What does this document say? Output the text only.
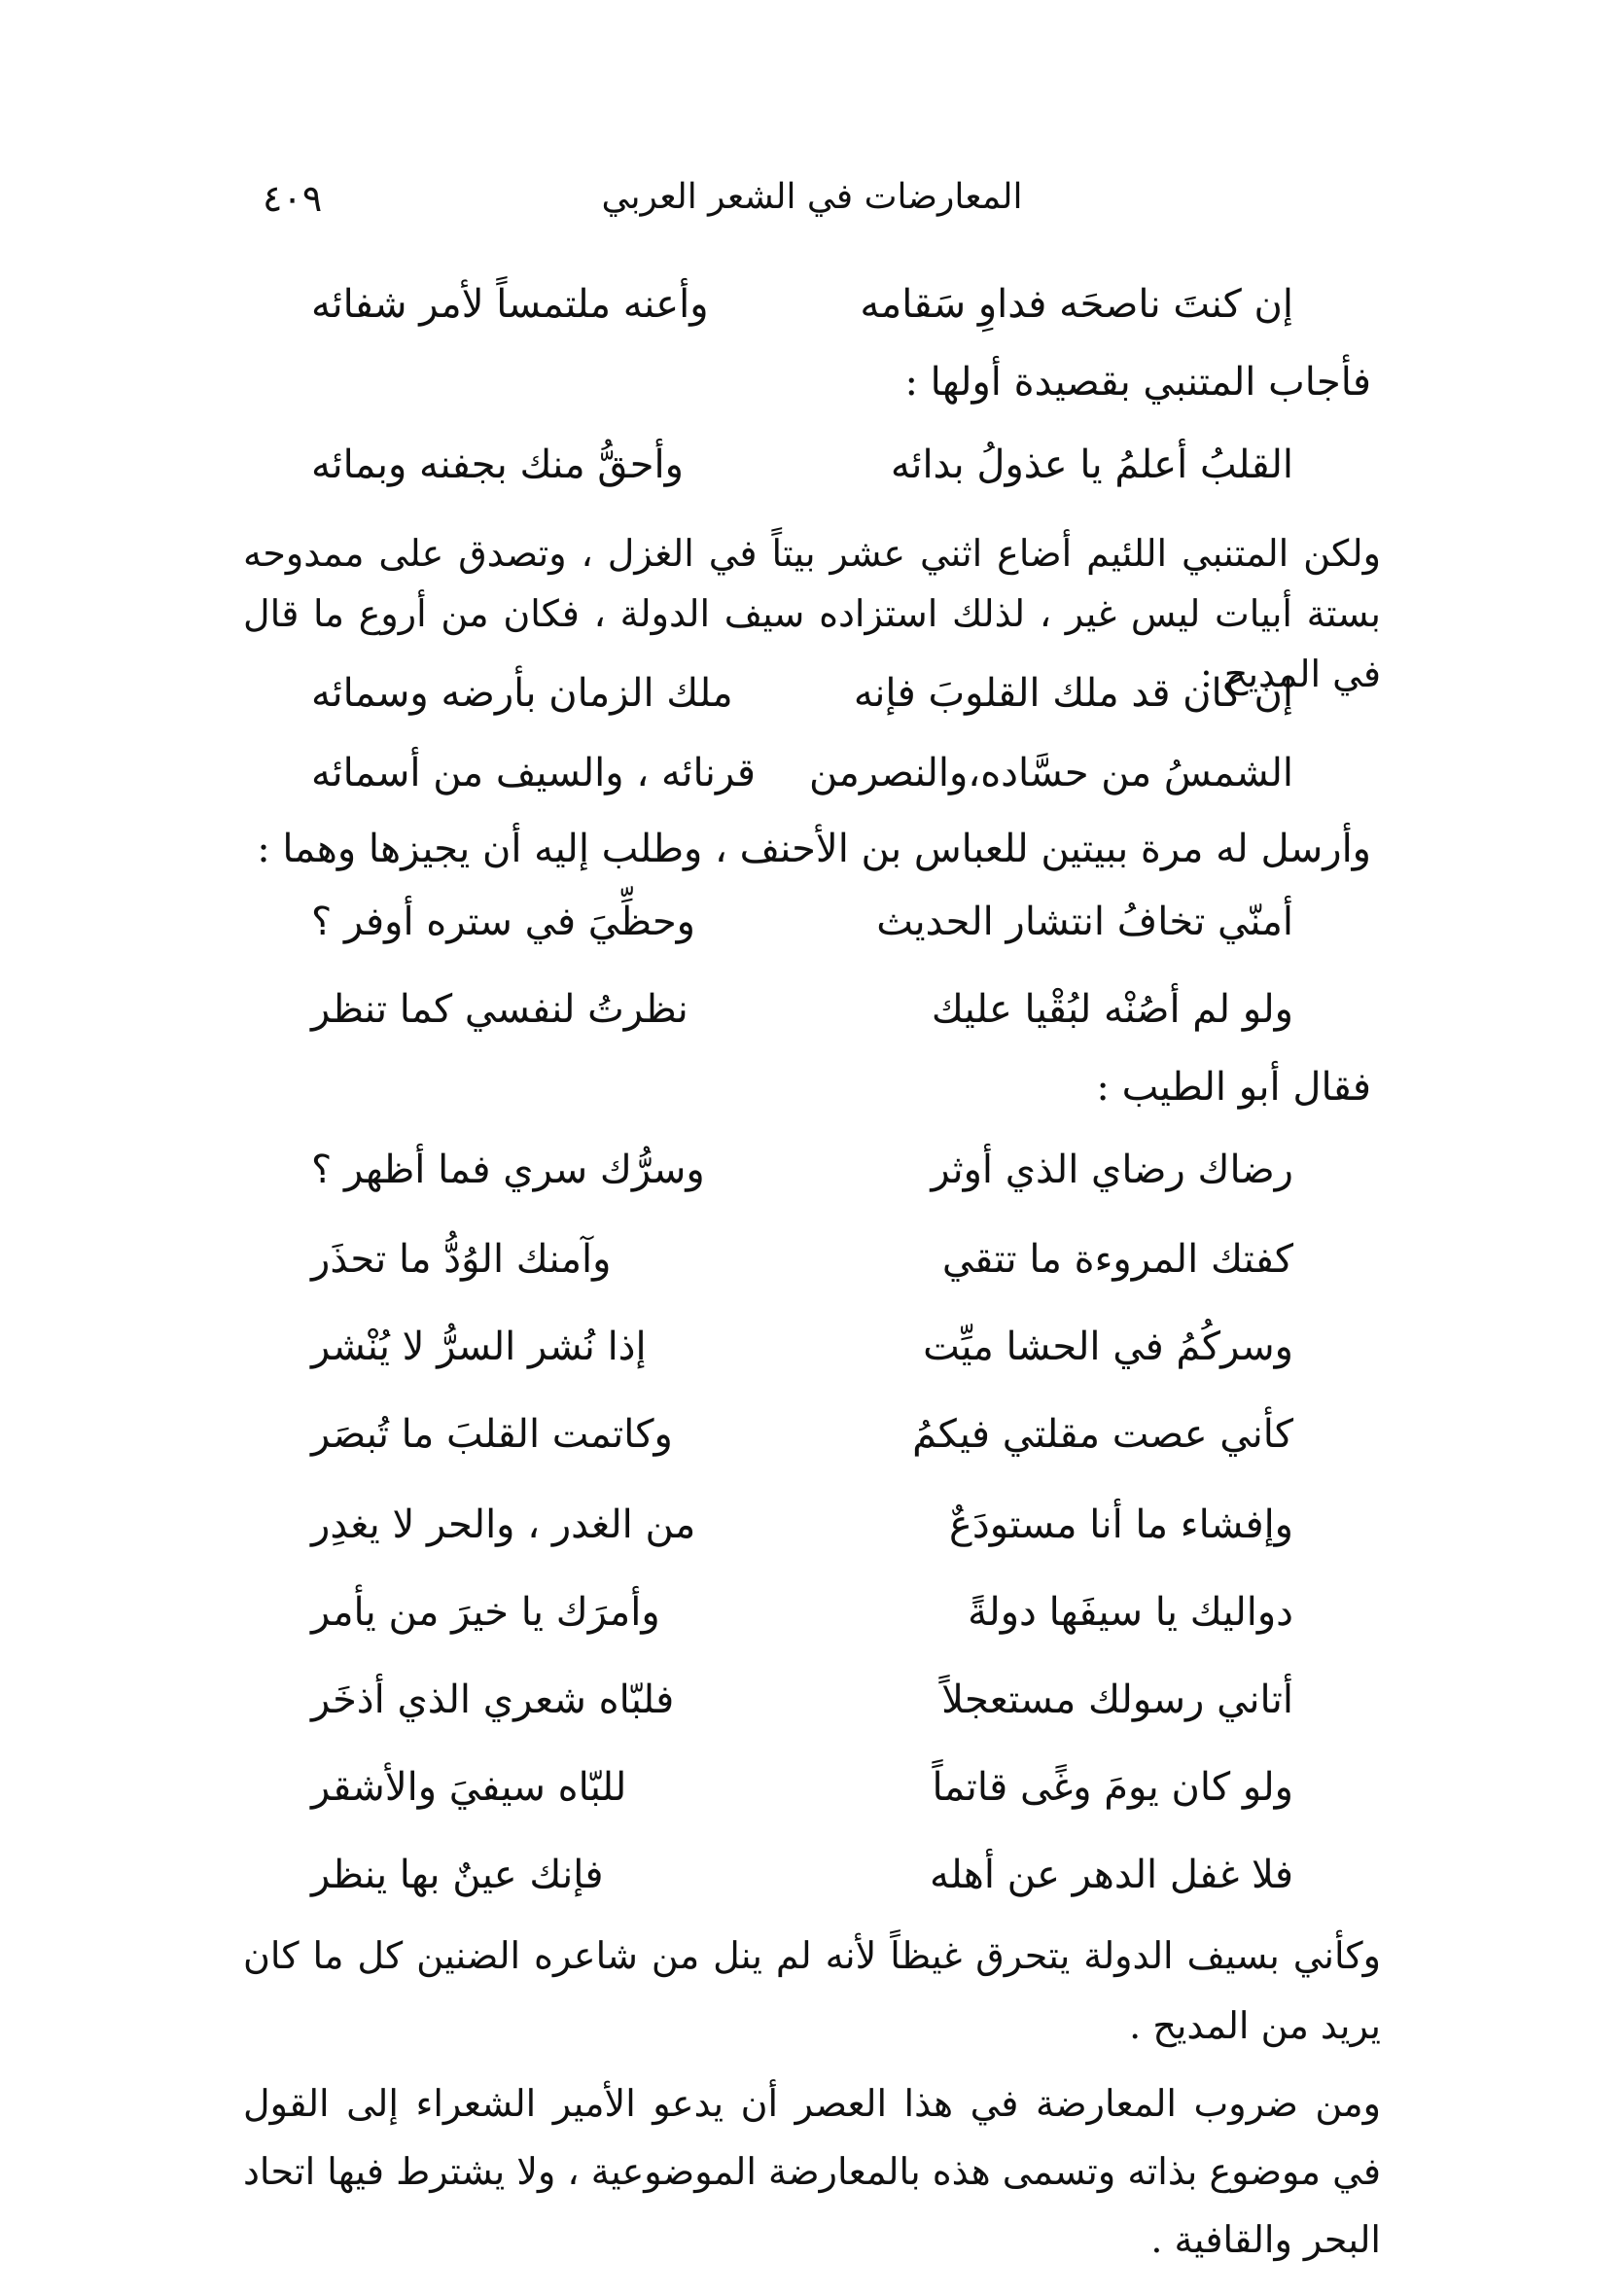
المعارضات في الشعر العربي
٤٠٩
إن كنتَ ناصحَه فداوِ سَقامه
وأعنه ملتمساً لأمر شفائه
فأجاب المتنبي بقصيدة أولها :
القلبُ أعلمُ يا عذولُ بدائه
وأحقُّ منك بجفنه وبمائه
ولكن المتنبي اللئيم أضاع اثني عشر بيتاً في الغزل ، وتصدق على ممدوحه بستة أبيات ليس غير ، لذلك استزاده سيف الدولة ، فكان من أروع ما قال في المديح :
إن كان قد ملك القلوبَ فإنه
ملك الزمان بأرضه وسمائه
الشمسُ من حسَّاده،والنصرمن
قرنائه ، والسيف من أسمائه
وأرسل له مرة ببيتين للعباس بن الأحنف ، وطلب إليه أن يجيزها وهما :
أمنّي تخافُ انتشار الحديث
وحظِّيَ في ستره أوفر ؟
ولو لم أصُنْه لبُقْيا عليك
نظرتُ لنفسي كما تنظر
فقال أبو الطيب :
رضاك رضاي الذي أوثر
وسرُّك سري فما أظهر ؟
كفتك المروءة ما تتقي
وآمنك الوُدُّ ما تحذَر
وسركُمُ في الحشا ميِّت
إذا نُشر السرُّ لا يُنْشر
كأني عصت مقلتي فيكمُ
وكاتمت القلبَ ما تُبصَر
وإفشاء ما أنا مستودَعٌ
من الغدر ، والحر لا يغدِر
دواليك يا سيفَها دولةً
وأمرَك يا خيرَ من يأمر
أتاني رسولك مستعجلاً
فلبّاه شعري الذي أذخَر
ولو كان يومَ وغًى قاتماً
للبّاه سيفيَ والأشقر
فلا غفل الدهر عن أهله
فإنك عينٌ بها ينظر
وكأني بسيف الدولة يتحرق غيظاً لأنه لم ينل من شاعره الضنين كل ما كان يريد من المديح .
ومن ضروب المعارضة في هذا العصر أن يدعو الأمير الشعراء إلى القول في موضوع بذاته وتسمى هذه بالمعارضة الموضوعية ، ولا يشترط فيها اتحاد البحر والقافية .
